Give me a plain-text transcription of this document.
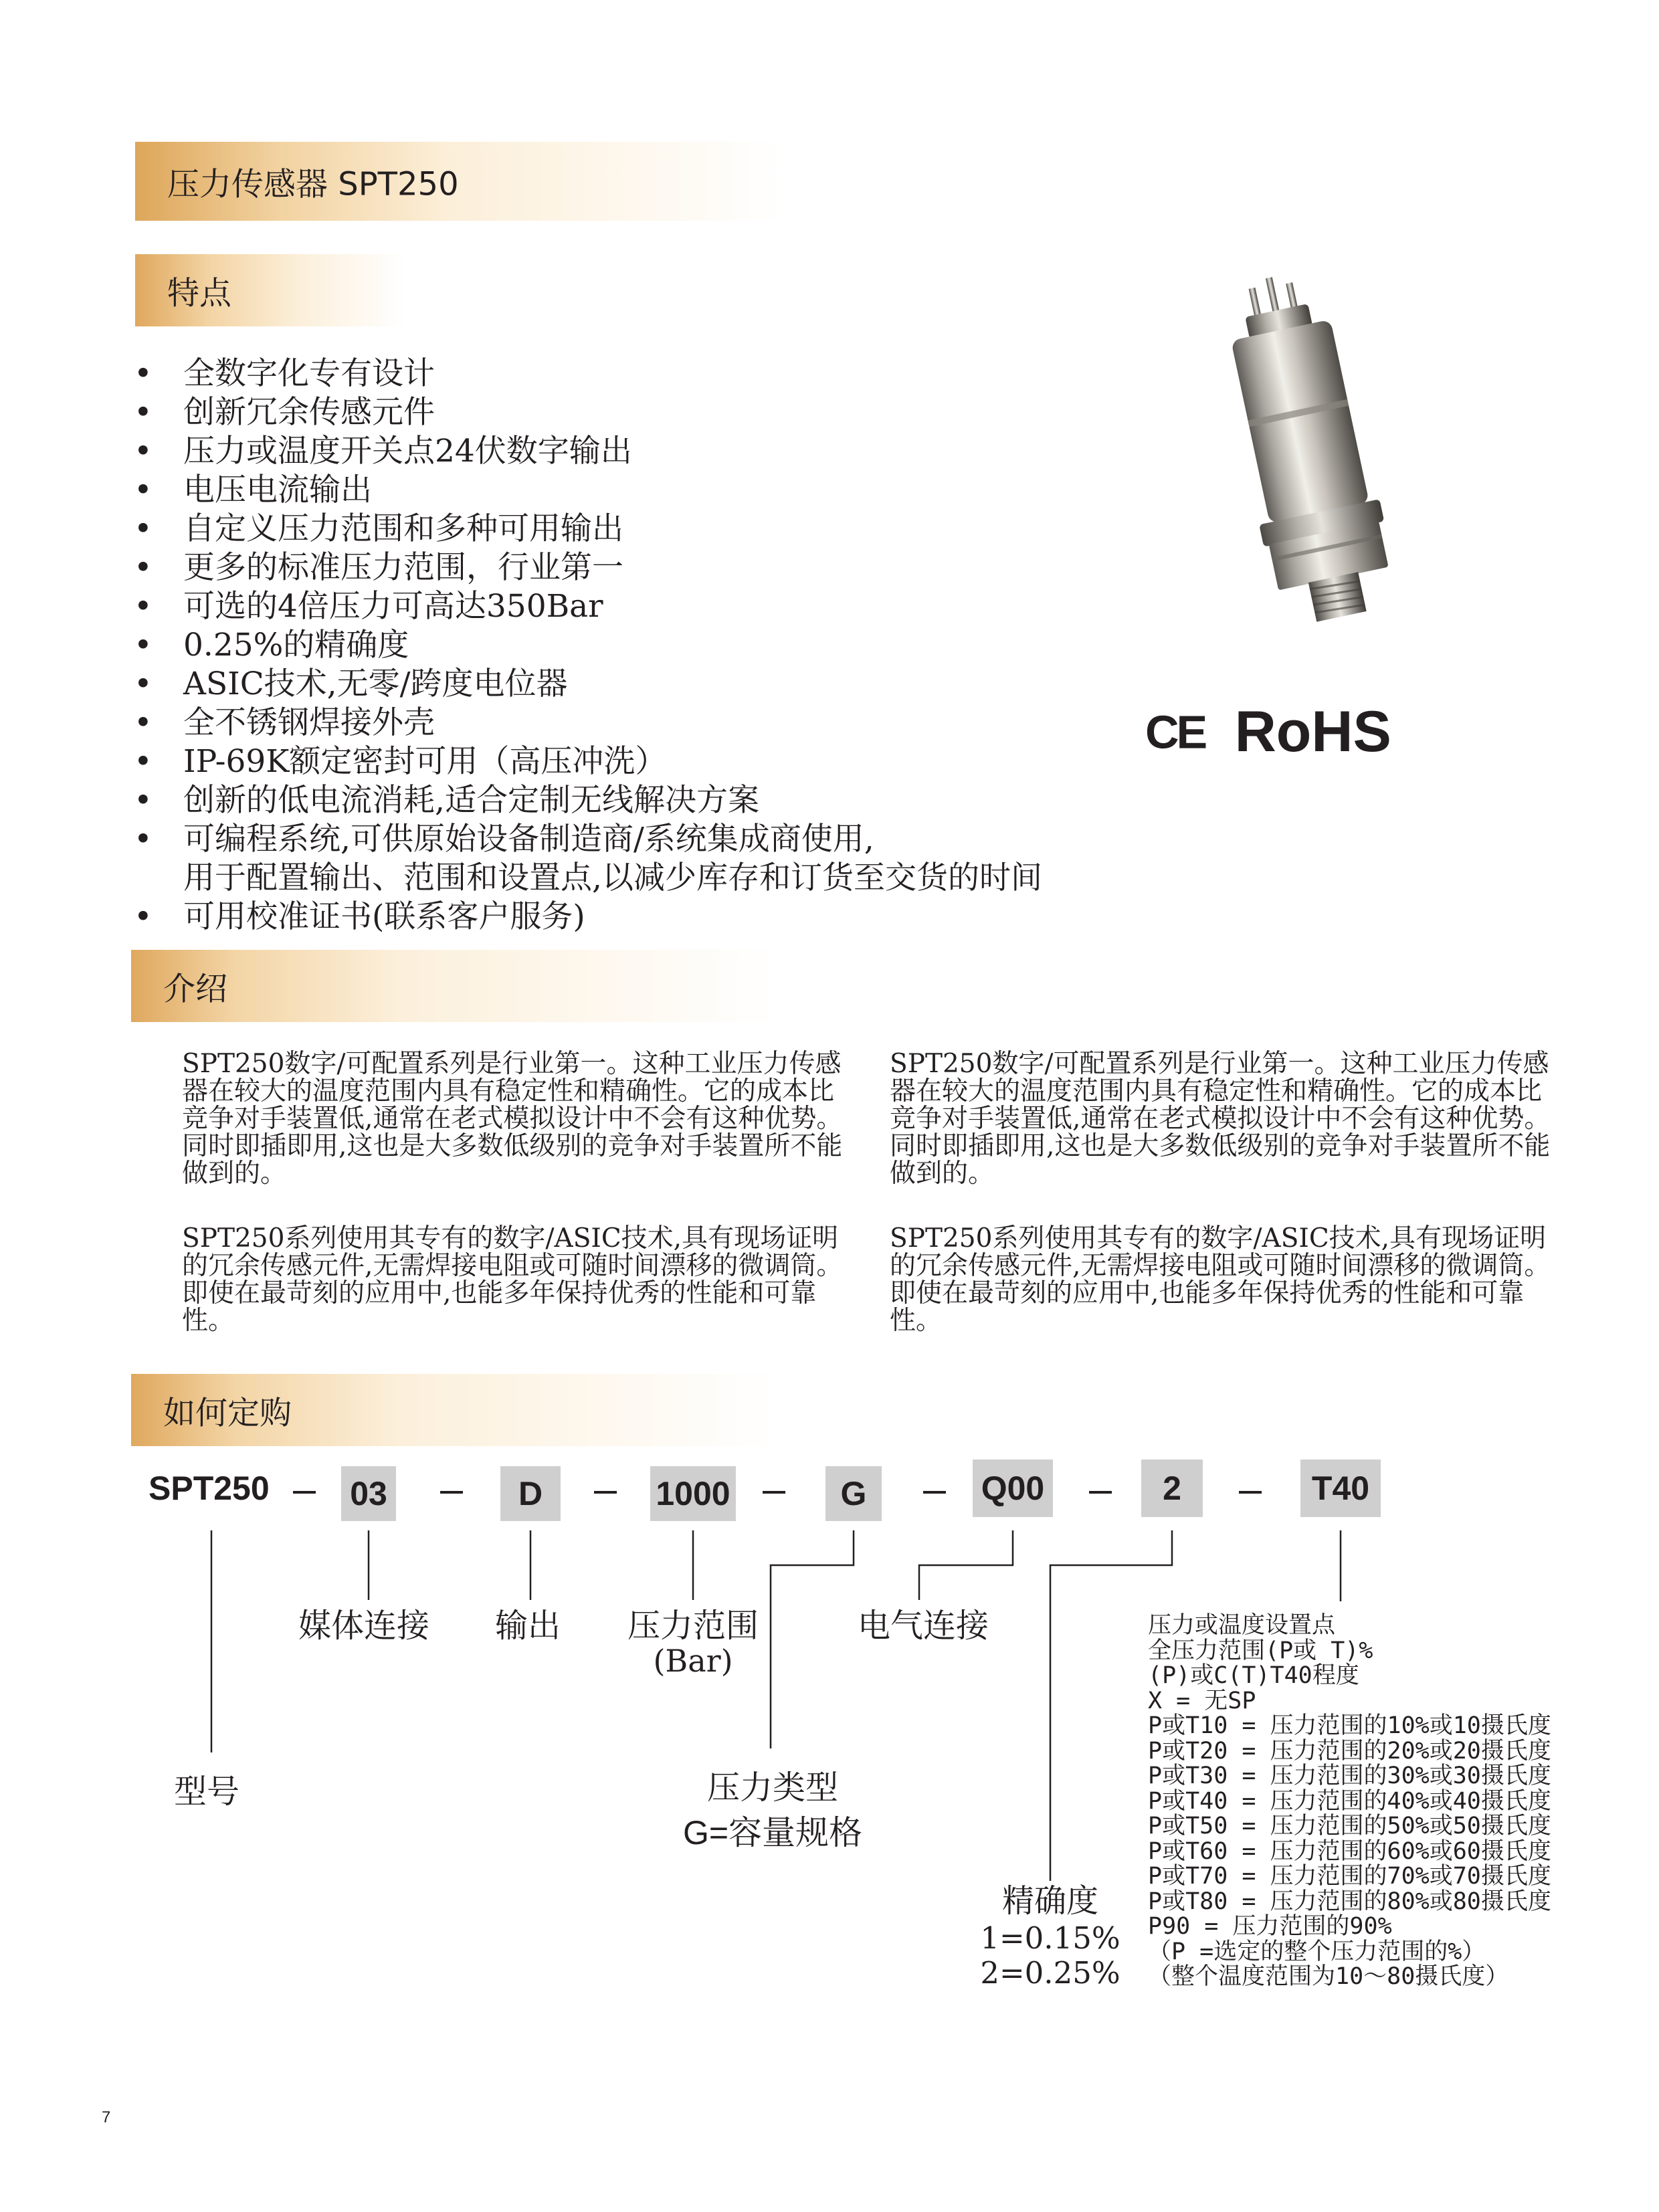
压力传感器 SPT250
特点
• 全数字化专有设计
• 创新冗余传感元件
• 压力或温度开关点24伏数字输出
• 电压电流输出
• 自定义压力范围和多种可用输出
• 更多的标准压力范围，行业第一
• 可选的4倍压力可高达350Bar
• 0.25%的精确度
• ASIC技术,无零/跨度电位器
• 全不锈钢焊接外壳
• IP-69K额定密封可用（高压冲洗）
• 创新的低电流消耗,适合定制无线解决方案
• 可编程系统,可供原始设备制造商/系统集成商使用,
用于配置输出、范围和设置点,以减少库存和订货至交货的时间
• 可用校准证书(联系客户服务)
CE RoHS
介绍

SPT250数字/可配置系列是行业第一。这种工业压力传感器在较大的温度范围内具有稳定性和精确性。它的成本比竞争对手装置低,通常在老式模拟设计中不会有这种优势。同时即插即用,这也是大多数低级别的竞争对手装置所不能做到的。

SPT250系列使用其专有的数字/ASIC技术,具有现场证明的冗余传感元件,无需焊接电阻或可随时间漂移的微调筒。即使在最苛刻的应用中,也能多年保持优秀的性能和可靠性。

SPT250数字/可配置系列是行业第一。这种工业压力传感器在较大的温度范围内具有稳定性和精确性。它的成本比竞争对手装置低,通常在老式模拟设计中不会有这种优势。同时即插即用,这也是大多数低级别的竞争对手装置所不能做到的。

SPT250系列使用其专有的数字/ASIC技术,具有现场证明的冗余传感元件,无需焊接电阻或可随时间漂移的微调筒。即使在最苛刻的应用中,也能多年保持优秀的性能和可靠性。

如何定购
SPT250 03	D	1000	G	Q00	2	T40
媒体连接 输出	压力范围
(Bar)
电气连接
型号	压力类型
G=容量规格
精确度
1=0.15%
2=0.25%
压力或温度设置点
全压力范围(P或 T)%
(P)或C(T)T40程度
X = 无SP
P或T10 = 压力范围的10%或10摄氏度
P或T20 = 压力范围的20%或20摄氏度
P或T30 = 压力范围的30%或30摄氏度
P或T40 = 压力范围的40%或40摄氏度
P或T50 = 压力范围的50%或50摄氏度
P或T60 = 压力范围的60%或60摄氏度
P或T70 = 压力范围的70%或70摄氏度
P或T80 = 压力范围的80%或80摄氏度
P90 = 压力范围的90%
（P =选定的整个压力范围的%）
（整个温度范围为10～80摄氏度）
7
